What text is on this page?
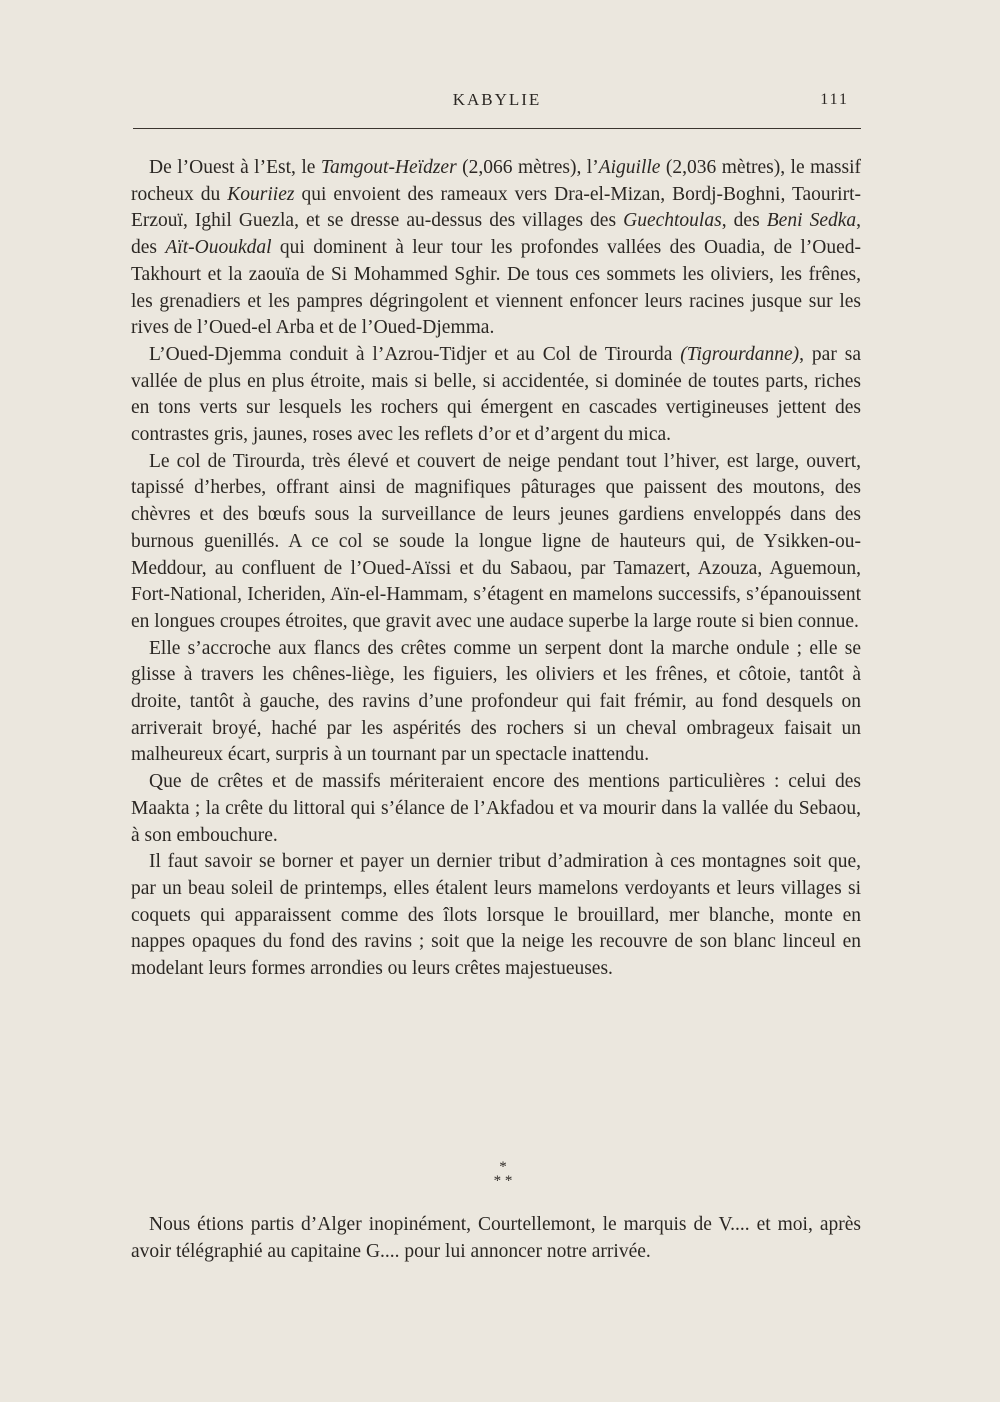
KABYLIE	111

De l’Ouest à l’Est, le Tamgout-Heïdzer (2,066 mètres), l’Aiguille (2,036 mètres), le massif rocheux du Kouriiez qui envoient des rameaux vers Dra-el-Mizan, Bordj-Boghni, Taourirt-Erzouï, Ighil Guezla, et se dresse au-dessus des villages des Guechtoulas, des Beni Sedka, des Aït-Ououkdal qui dominent à leur tour les profondes vallées des Ouadia, de l’Oued-Takhourt et la zaouïa de Si Mohammed Sghir. De tous ces sommets les oliviers, les frênes, les grenadiers et les pampres dégringolent et viennent enfoncer leurs racines jusque sur les rives de l’Oued-el Arba et de l’Oued-Djemma.

L’Oued-Djemma conduit à l’Azrou-Tidjer et au Col de Tirourda (Tigrourdanne), par sa vallée de plus en plus étroite, mais si belle, si accidentée, si dominée de toutes parts, riches en tons verts sur lesquels les rochers qui émergent en cascades vertigineuses jettent des contrastes gris, jaunes, roses avec les reflets d’or et d’argent du mica.

Le col de Tirourda, très élevé et couvert de neige pendant tout l’hiver, est large, ouvert, tapissé d’herbes, offrant ainsi de magnifiques pâturages que paissent des moutons, des chèvres et des bœufs sous la surveillance de leurs jeunes gardiens enveloppés dans des burnous guenillés. A ce col se soude la longue ligne de hauteurs qui, de Ysikken-ou-Meddour, au confluent de l’Oued-Aïssi et du Sabaou, par Tamazert, Azouza, Aguemoun, Fort-National, Icheriden, Aïn-el-Hammam, s’étagent en mamelons successifs, s’épanouissent en longues croupes étroites, que gravit avec une audace superbe la large route si bien connue.

Elle s’accroche aux flancs des crêtes comme un serpent dont la marche ondule ; elle se glisse à travers les chênes-liège, les figuiers, les oliviers et les frênes, et côtoie, tantôt à droite, tantôt à gauche, des ravins d’une profondeur qui fait frémir, au fond desquels on arriverait broyé, haché par les aspérités des rochers si un cheval ombrageux faisait un malheureux écart, surpris à un tournant par un spectacle inattendu.

Que de crêtes et de massifs mériteraient encore des mentions particulières : celui des Maakta ; la crête du littoral qui s’élance de l’Akfadou et va mourir dans la vallée du Sebaou, à son embouchure.

Il faut savoir se borner et payer un dernier tribut d’admiration à ces montagnes soit que, par un beau soleil de printemps, elles étalent leurs mamelons verdoyants et leurs villages si coquets qui apparaissent comme des îlots lorsque le brouillard, mer blanche, monte en nappes opaques du fond des ravins ; soit que la neige les recouvre de son blanc linceul en modelant leurs formes arrondies ou leurs crêtes majestueuses.

*
* *

Nous étions partis d’Alger inopinément, Courtellemont, le marquis de V.... et moi, après avoir télégraphié au capitaine G.... pour lui annoncer notre arrivée.
